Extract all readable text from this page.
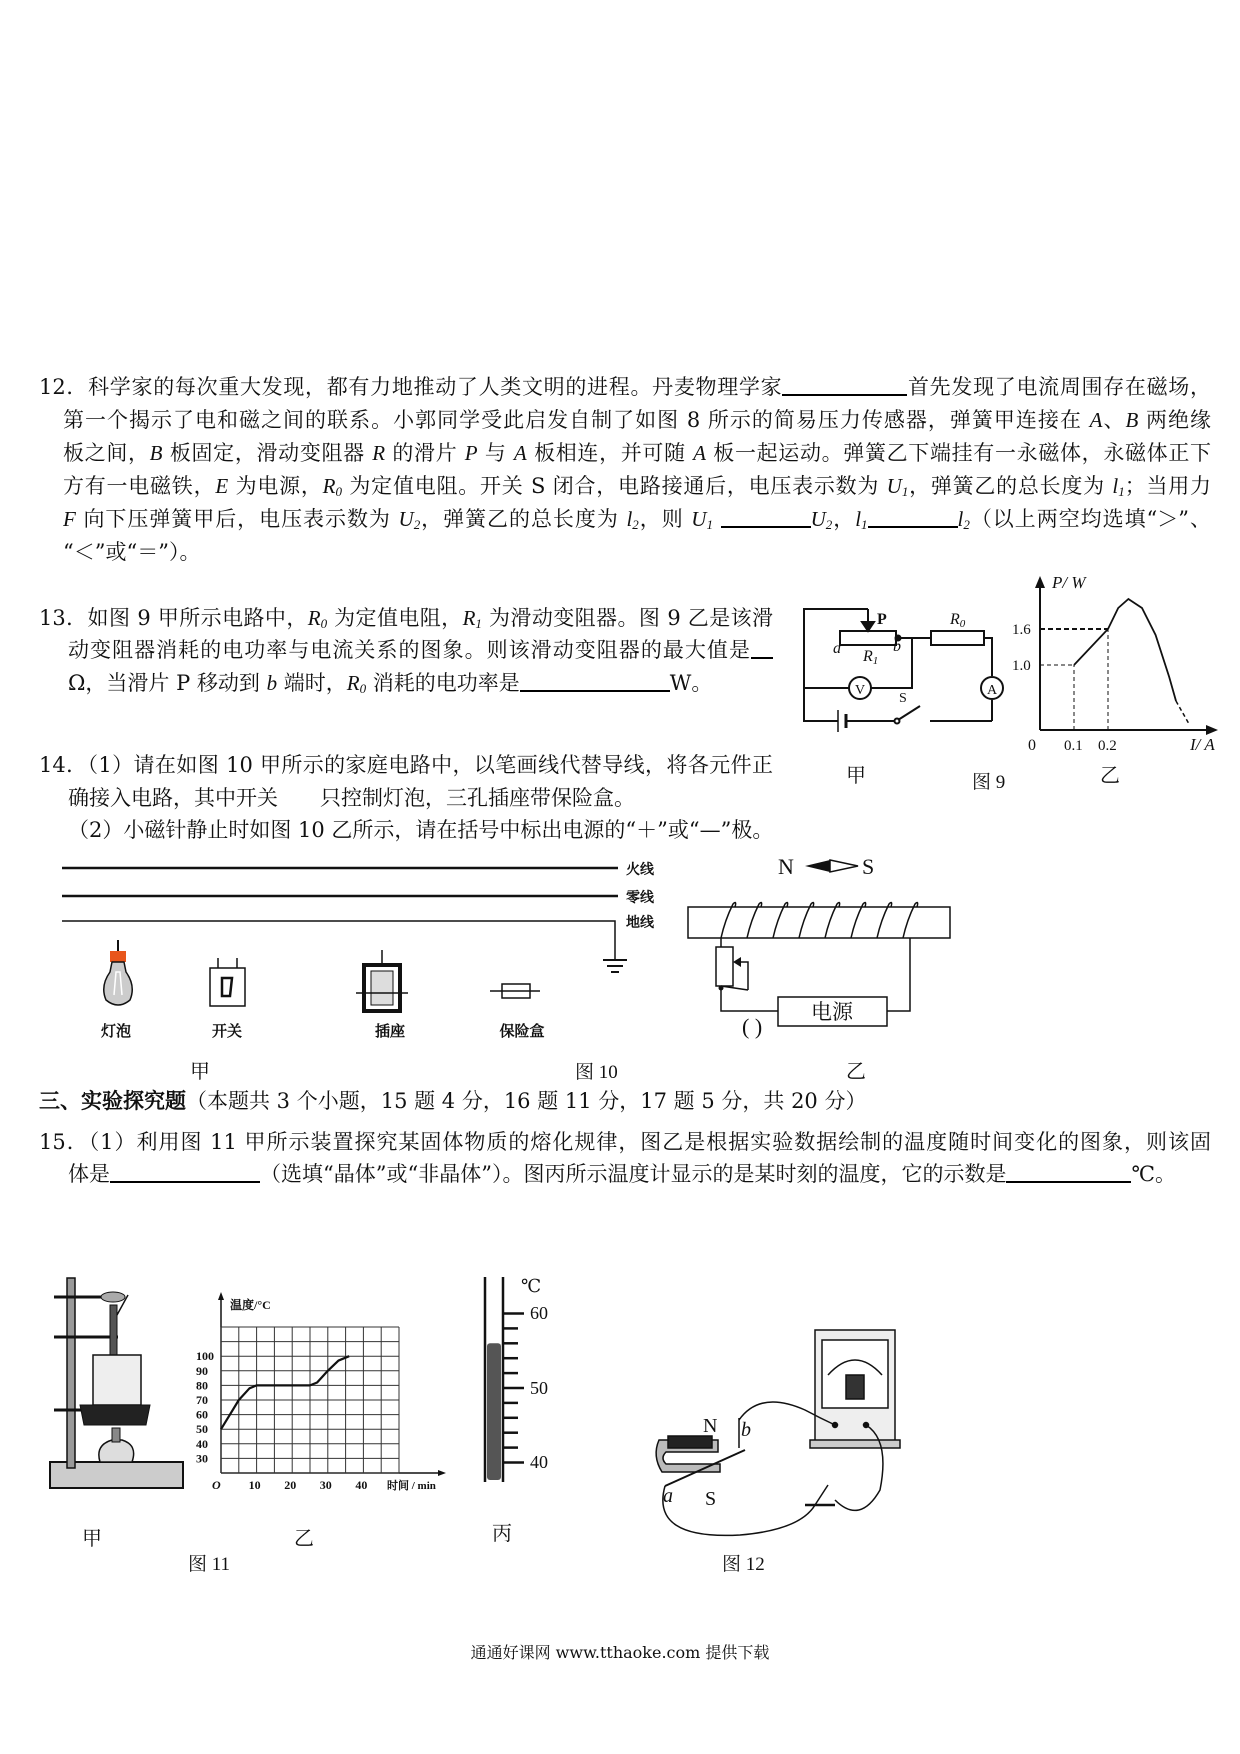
12．科学家的每次重大发现，都有力地推动了人类文明的进程。丹麦物理学家	首先发现了电流周围存在磁场，
第一个揭示了电和磁之间的联系。小郭同学受此启发自制了如图 8 所示的简易压力传感器，弹簧甲连接在 A、B 两绝缘
板之间，B 板固定，滑动变阻器 R 的滑片 P 与 A 板相连，并可随 A 板一起运动。弹簧乙下端挂有一永磁体，永磁体正下
方有一电磁铁，E 为电源，$R_0$ 为定值电阻。开关 S 闭合，电路接通后，电压表示数为 $U_1$，弹簧乙的总长度为 $l_1$；当用力
F 向下压弹簧甲后，电压表示数为 $U_2$，弹簧乙的总长度为 $l_2$，则 $U_1$	$U_2$，$l_1$	$l_2$（以上两空均选填“＞”、
“＜”或“＝”）。
13．如图 9 甲所示电路中，$R_0$ 为定值电阻，$R_1$ 为滑动变阻器。图 9 乙是该滑
动变阻器消耗的电功率与电流关系的图象。则该滑动变阻器的最大值是
Ω，当滑片 P 移动到 b 端时，$R_0$ 消耗的电功率是	W。
14．（1）请在如图 10 甲所示的家庭电路中，以笔画线代替导线，将各元件正
确接入电路，其中开关　　只控制灯泡，三孔插座带保险盒。
（2）小磁针静止时如图 10 乙所示，请在括号中标出电源的“＋”或“—”极。
三、实验探究题（本题共 3 个小题，15 题 4 分，16 题 11 分，17 题 5 分，共 20 分）
15．（1）利用图 11 甲所示装置探究某固体物质的熔化规律，图乙是根据实验数据绘制的温度随时间变化的图象，则该固
体是	（选填“晶体”或“非晶体”）。图丙所示温度计显示的是某时刻的温度，它的示数是	℃。
通通好课网 www.tthaoke.com 提供下载
P	R0
a R1
b
V	A
S
甲	图 9	乙
P/ W
I/ A
0 0.1 0.2
1.0
1.6
火线
零线
地线
灯泡	开关	插座	保险盒
甲	图 10
N	S
电源
( )
乙
温度/°C
时间 / min
O 10 20 30 40
30
40
50
60
70
80
90
100
℃
60
50
40
甲	乙	丙
图 11
N b
a S
图 12
